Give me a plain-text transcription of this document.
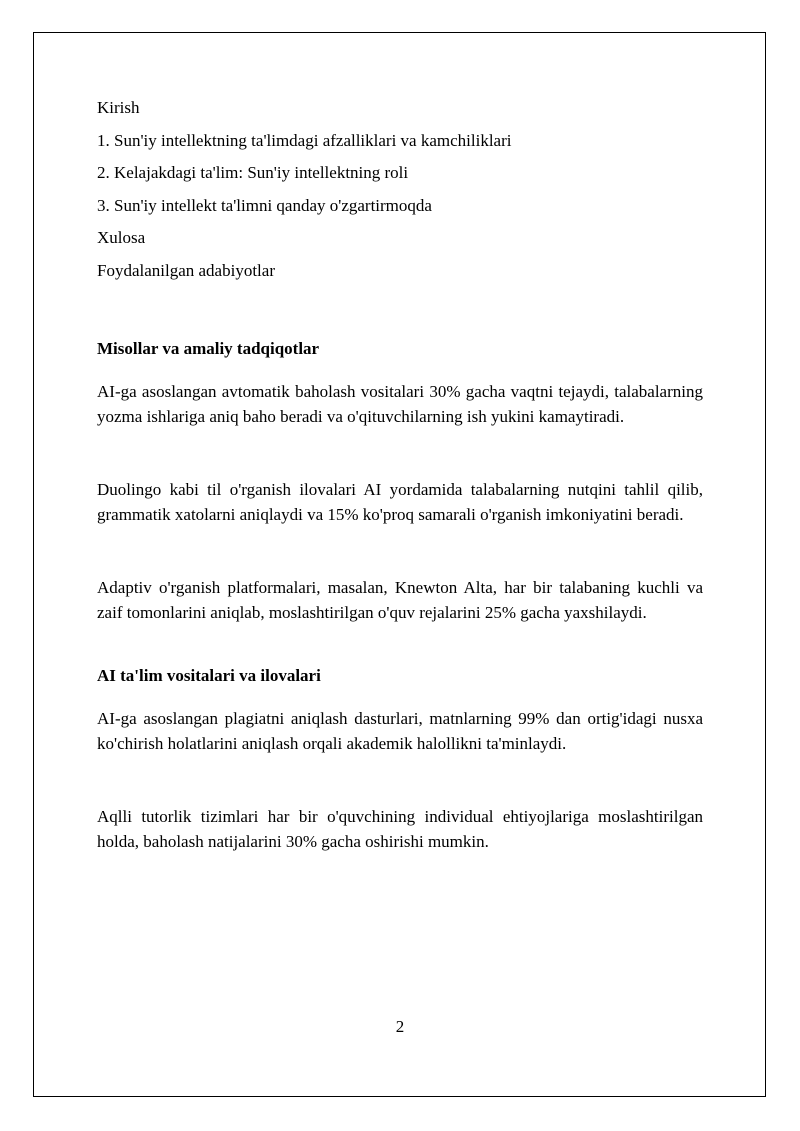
Kirish
1. Sun'iy intellektning ta'limdagi afzalliklari va kamchiliklari
2. Kelajakdagi ta'lim: Sun'iy intellektning roli
3. Sun'iy intellekt ta'limni qanday o'zgartirmoqda
Xulosa
Foydalanilgan adabiyotlar
Misollar va amaliy tadqiqotlar

AI-ga asoslangan avtomatik baholash vositalari 30% gacha vaqtni tejaydi, talabalarning yozma ishlariga aniq baho beradi va o'qituvchilarning ish yukini kamaytiradi.

Duolingo kabi til o'rganish ilovalari AI yordamida talabalarning nutqini tahlil qilib, grammatik xatolarni aniqlaydi va 15% ko'proq samarali o'rganish imkoniyatini beradi.

Adaptiv o'rganish platformalari, masalan, Knewton Alta, har bir talabaning kuchli va zaif tomonlarini aniqlab, moslashtirilgan o'quv rejalarini 25% gacha yaxshilaydi.

AI ta'lim vositalari va ilovalari

AI-ga asoslangan plagiatni aniqlash dasturlari, matnlarning 99% dan ortig'idagi nusxa ko'chirish holatlarini aniqlash orqali akademik halollikni ta'minlaydi.

Aqlli tutorlik tizimlari har bir o'quvchining individual ehtiyojlariga moslashtirilgan holda, baholash natijalarini 30% gacha oshirishi mumkin.

2
